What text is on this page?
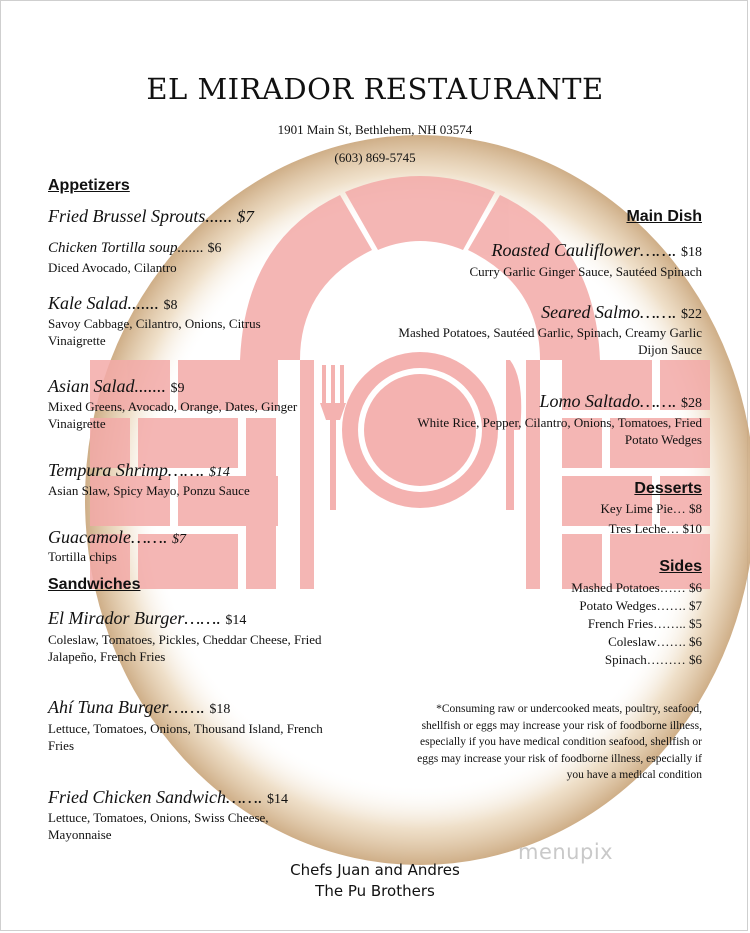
EL MIRADOR RESTAURANTE
1901 Main St, Bethlehem, NH 03574
(603) 869-5745
Appetizers
Fried Brussel Sprouts...... $7
Chicken Tortilla soup....... $6
Diced Avocado, Cilantro
Kale Salad....... $8
Savoy Cabbage, Cilantro, Onions, Citrus Vinaigrette
Asian Salad....... $9
Mixed Greens, Avocado, Orange, Dates, Ginger Vinaigrette
Tempura Shrimp……. $14
Asian Slaw, Spicy Mayo, Ponzu Sauce
Guacamole……. $7
Tortilla chips
Sandwiches
El Mirador Burger……. $14
Coleslaw, Tomatoes, Pickles, Cheddar Cheese, Fried Jalapeño, French Fries
Ahí Tuna Burger……. $18
Lettuce, Tomatoes, Onions, Thousand Island, French Fries
Fried Chicken Sandwich……. $14
Lettuce, Tomatoes, Onions, Swiss Cheese, Mayonnaise
Main Dish
Roasted Cauliflower……. $18
Curry Garlic Ginger Sauce, Sautéed Spinach
Seared Salmo……. $22
Mashed Potatoes, Sautéed Garlic, Spinach, Creamy Garlic Dijon Sauce
Lomo Saltado……. $28
White Rice, Pepper, Cilantro, Onions, Tomatoes, Fried Potato Wedges
Desserts
Key Lime Pie… $8
Tres Leche… $10
Sides
Mashed Potatoes…… $6
Potato Wedges……. $7
French Fries…….. $5
Coleslaw……. $6
Spinach……… $6
*Consuming raw or undercooked meats, poultry, seafood, shellfish or eggs may increase your risk of foodborne illness, especially if you have medical condition seafood, shellfish or eggs may increase your risk of foodborne illness, especially if you have a medical condition
menupix
Chefs Juan and Andres
The Pu Brothers
